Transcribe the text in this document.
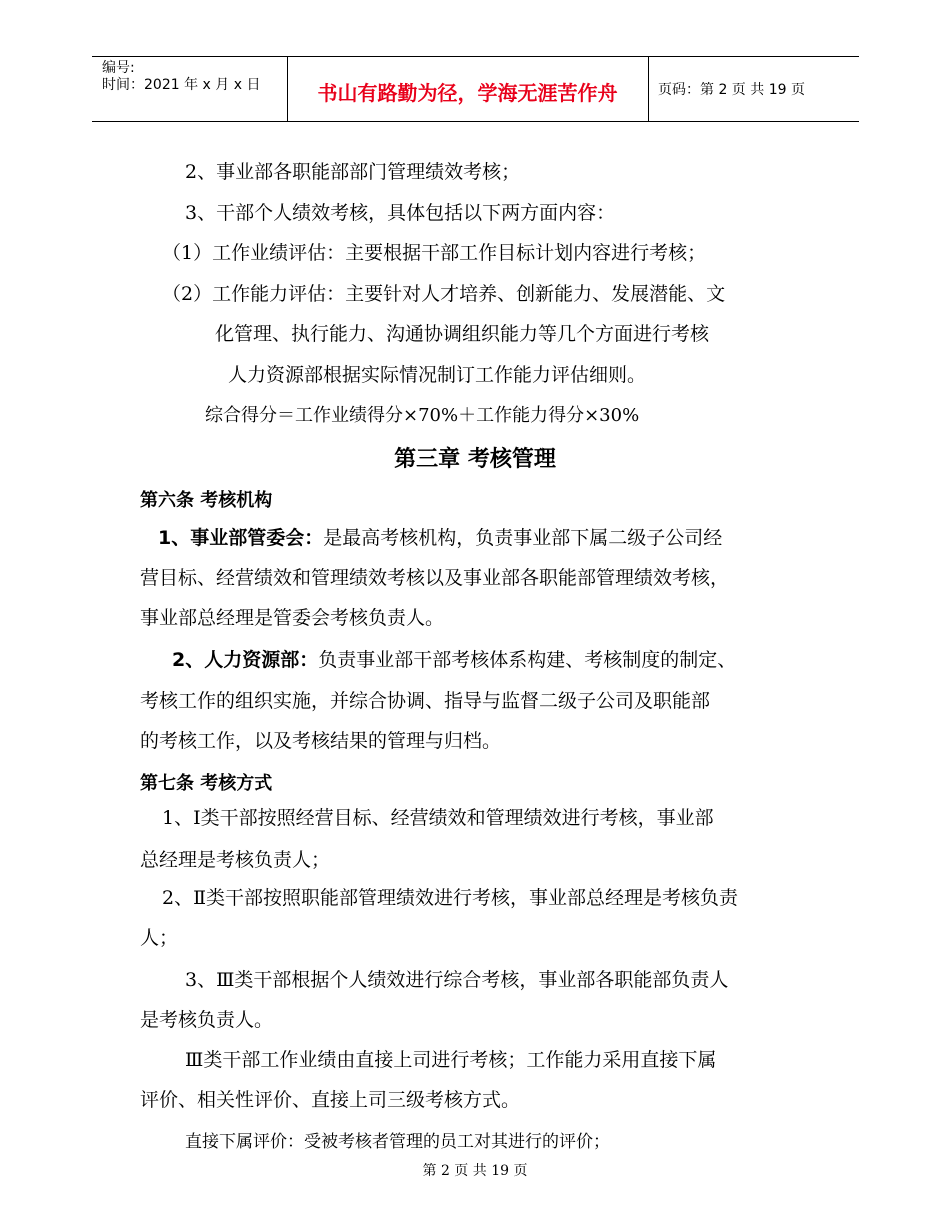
编号:
时间：2021 年 x 月 x 日	书山有路勤为径，学海无涯苦作舟	页码：第 2 页 共 19 页
2、事业部各职能部部门管理绩效考核；
3、干部个人绩效考核，具体包括以下两方面内容：
（1）工作业绩评估：主要根据干部工作目标计划内容进行考核；
（2）工作能力评估：主要针对人才培养、创新能力、发展潜能、文
化管理、执行能力、沟通协调组织能力等几个方面进行考核
人力资源部根据实际情况制订工作能力评估细则。
综合得分＝工作业绩得分×70%＋工作能力得分×30%
第三章 考核管理
第六条 考核机构
1、事业部管委会：是最高考核机构，负责事业部下属二级子公司经
营目标、经营绩效和管理绩效考核以及事业部各职能部管理绩效考核，
事业部总经理是管委会考核负责人。
2、人力资源部：负责事业部干部考核体系构建、考核制度的制定、
考核工作的组织实施，并综合协调、指导与监督二级子公司及职能部
的考核工作，以及考核结果的管理与归档。
第七条 考核方式
1、Ⅰ类干部按照经营目标、经营绩效和管理绩效进行考核，事业部
总经理是考核负责人；
2、Ⅱ类干部按照职能部管理绩效进行考核，事业部总经理是考核负责
人；
3、Ⅲ类干部根据个人绩效进行综合考核，事业部各职能部负责人
是考核负责人。
Ⅲ类干部工作业绩由直接上司进行考核；工作能力采用直接下属
评价、相关性评价、直接上司三级考核方式。
直接下属评价：受被考核者管理的员工对其进行的评价；
第 2 页 共 19 页
